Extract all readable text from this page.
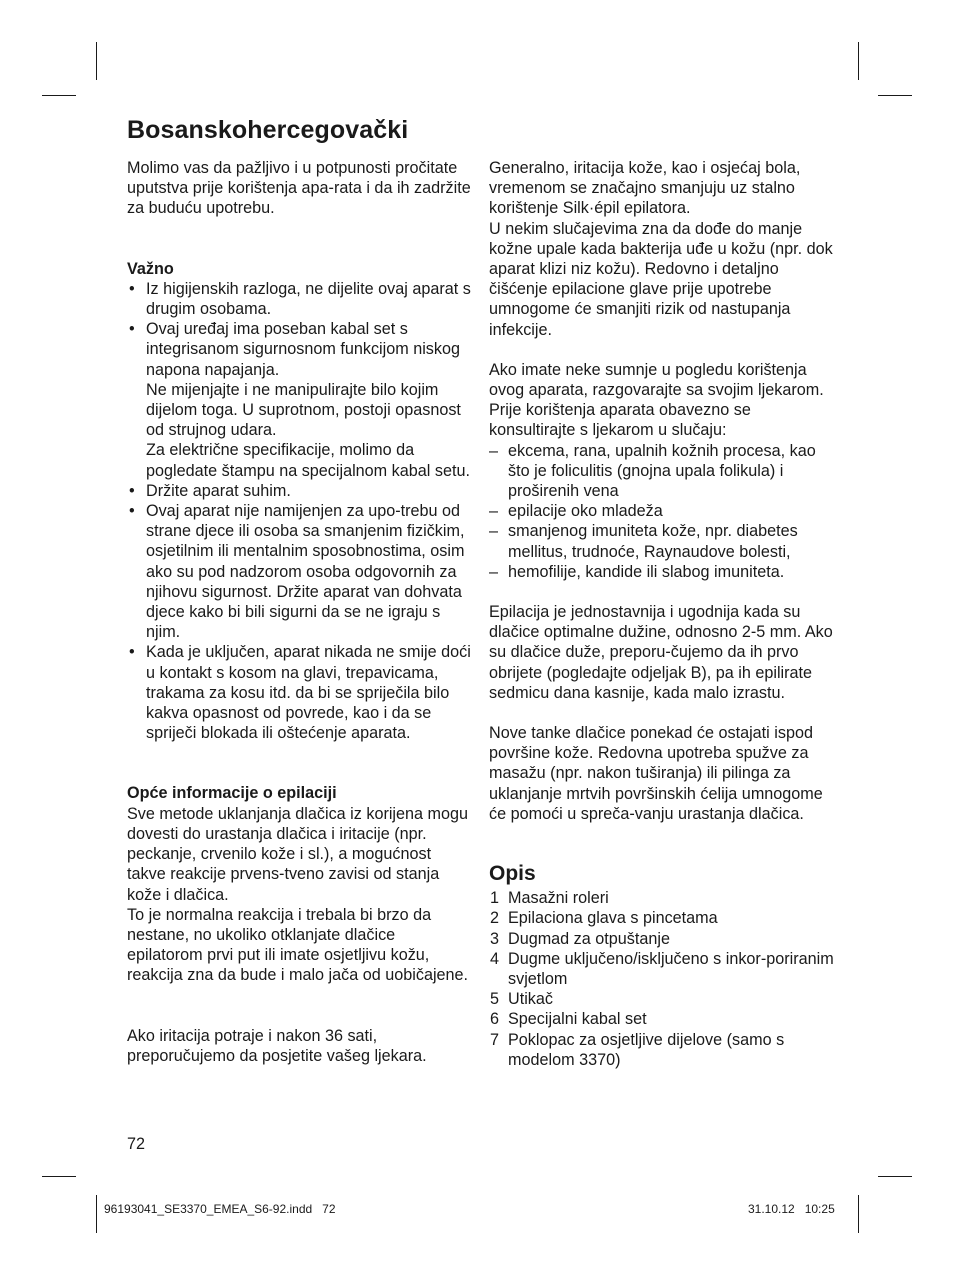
Bosanskohercegovački

Molimo vas da pažljivo i u potpunosti pročitate uputstva prije korištenja apa-rata i da ih zadržite za buduću upotrebu.

Važno
• Iz higijenskih razloga, ne dijelite ovaj aparat s drugim osobama.
• Ovaj uređaj ima poseban kabal set s integrisanom sigurnosnom funkcijom niskog napona napajanja.
Ne mijenjajte i ne manipulirajte bilo kojim dijelom toga. U suprotnom, postoji opasnost od strujnog udara.
Za električne specifikacije, molimo da pogledate štampu na specijalnom kabal setu.
• Držite aparat suhim.
• Ovaj aparat nije namijenjen za upo-trebu od strane djece ili osoba sa smanjenim fizičkim, osjetilnim ili mentalnim sposobnostima, osim ako su pod nadzorom osoba odgovornih za njihovu sigurnost. Držite aparat van dohvata djece kako bi bili sigurni da se ne igraju s njim.
• Kada je uključen, aparat nikada ne smije doći u kontakt s kosom na glavi, trepavicama, trakama za kosu itd. da bi se spriječila bilo kakva opasnost od povrede, kao i da se spriječi blokada ili oštećenje aparata.
Opće informacije o epilaciji

Sve metode uklanjanja dlačica iz korijena mogu dovesti do urastanja dlačica i iritacije (npr. peckanje, crvenilo kože i sl.), a mogućnost takve reakcije prvens-tveno zavisi od stanja kože i dlačica.

To je normalna reakcija i trebala bi brzo da nestane, no ukoliko otklanjate dlačice epilatorom prvi put ili imate osjetljivu kožu, reakcija zna da bude i malo jača od uobičajene.

Ako iritacija potraje i nakon 36 sati, preporučujemo da posjetite vašeg ljekara.

Generalno, iritacija kože, kao i osjećaj bola, vremenom se značajno smanjuju uz stalno korištenje Silk·épil epilatora.

U nekim slučajevima zna da dođe do manje kožne upale kada bakterija uđe u kožu (npr. dok aparat klizi niz kožu). Redovno i detaljno čišćenje epilacione glave prije upotrebe umnogome će smanjiti rizik od nastupanja infekcije.

Ako imate neke sumnje u pogledu korištenja ovog aparata, razgovarajte sa svojim ljekarom. Prije korištenja aparata obavezno se konsultirajte s ljekarom u slučaju:

– ekcema, rana, upalnih kožnih procesa, kao što je foliculitis (gnojna upala folikula) i proširenih vena
– epilacije oko mladeža
– smanjenog imuniteta kože, npr. diabetes mellitus, trudnoće, Raynaudove bolesti,
– hemofilije, kandide ili slabog imuniteta.

Epilacija je jednostavnija i ugodnija kada su dlačice optimalne dužine, odnosno 2-5 mm. Ako su dlačice duže, preporu-čujemo da ih prvo obrijete (pogledajte odjeljak B), pa ih epilirate sedmicu dana kasnije, kada malo izrastu.

Nove tanke dlačice ponekad će ostajati ispod površine kože. Redovna upotreba spužve za masažu (npr. nakon tuširanja) ili pilinga za uklanjanje mrtvih površinskih ćelija umnogome će pomoći u spreča-vanju urastanja dlačica.

Opis
1 Masažni roleri
2 Epilaciona glava s pincetama
3 Dugmad za otpuštanje
4 Dugme uključeno/isključeno s inkor-poriranim svjetlom
5 Utikač
6 Specijalni kabal set
7 Poklopac za osjetljive dijelove (samo s modelom 3370)
72
96193041_SE3370_EMEA_S6-92.indd   72	31.10.12   10:25
